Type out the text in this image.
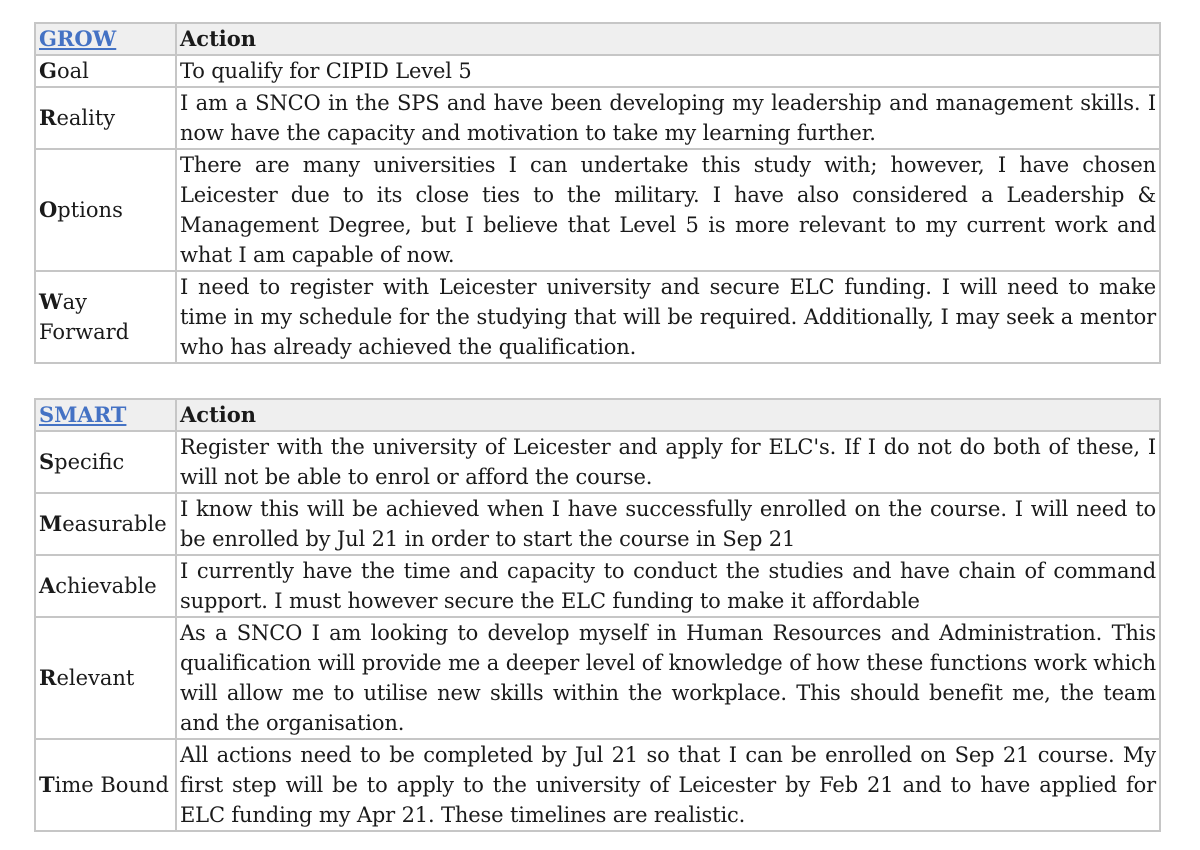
GROW	Action
Goal	To qualify for CIPID Level 5
Reality	I am a SNCO in the SPS and have been developing my leadership and management skills. I now have the capacity and motivation to take my learning further.
Options	There are many universities I can undertake this study with; however, I have chosen Leicester due to its close ties to the military. I have also considered a Leadership & Management Degree, but I believe that Level 5 is more relevant to my current work and what I am capable of now.
Way Forward	I need to register with Leicester university and secure ELC funding. I will need to make time in my schedule for the studying that will be required. Additionally, I may seek a mentor who has already achieved the qualification.
SMART	Action
Specific	Register with the university of Leicester and apply for ELC's. If I do not do both of these, I will not be able to enrol or afford the course.
Measurable	I know this will be achieved when I have successfully enrolled on the course. I will need to be enrolled by Jul 21 in order to start the course in Sep 21
Achievable	I currently have the time and capacity to conduct the studies and have chain of command support. I must however secure the ELC funding to make it affordable
Relevant	As a SNCO I am looking to develop myself in Human Resources and Administration. This qualification will provide me a deeper level of knowledge of how these functions work which will allow me to utilise new skills within the workplace. This should benefit me, the team and the organisation.
Time Bound	All actions need to be completed by Jul 21 so that I can be enrolled on Sep 21 course. My first step will be to apply to the university of Leicester by Feb 21 and to have applied for ELC funding my Apr 21. These timelines are realistic.
